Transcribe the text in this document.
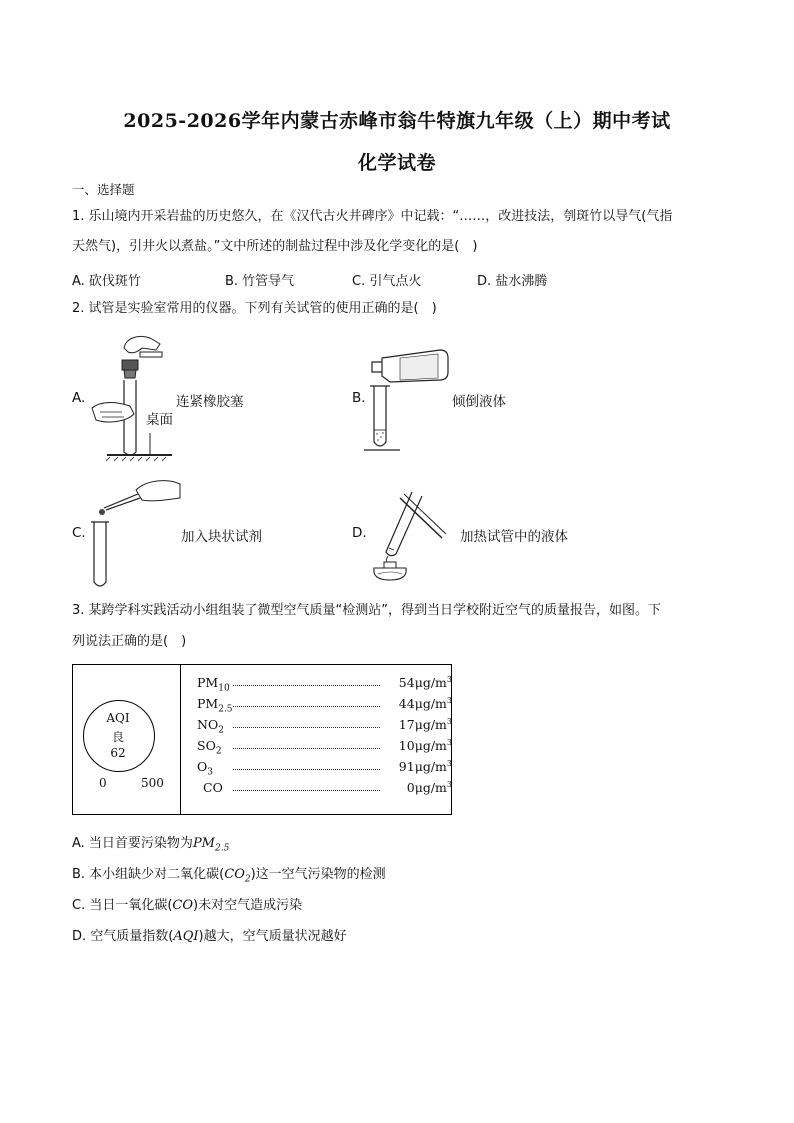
2025-2026学年内蒙古赤峰市翁牛特旗九年级（上）期中考试
化学试卷
一、选择题
1. 乐山境内开采岩盐的历史悠久，在《汉代古火井碑序》中记载：“……，改进技法，刳斑竹以导气(气指
天然气)，引井火以煮盐。”文中所述的制盐过程中涉及化学变化的是(　)
A. 砍伐斑竹	B. 竹管导气	C. 引气点火	D. 盐水沸腾
2. 试管是实验室常用的仪器。下列有关试管的使用正确的是(　)
A.
桌面
连紧橡胶塞	B.	倾倒液体
C.	加入块状试剂	D.	加热试管中的液体
3. 某跨学科实践活动小组组装了微型空气质量“检测站”，得到当日学校附近空气的质量报告，如图。下
列说法正确的是(　)
AQI
良
62
0	500
$PM_{10}$	$54\mu g/m^3$
$PM_{2.5}$	$44\mu g/m^3$
$NO_2$	$17\mu g/m^3$
$SO_2$	$10\mu g/m^3$
$O_3$	$91\mu g/m^3$
CO	$0\mu g/m^3$
A. 当日首要污染物为$PM_{2.5}$
B. 本小组缺少对二氧化碳$(CO_2)$这一空气污染物的检测
C. 当日一氧化碳(CO)未对空气造成污染
D. 空气质量指数(AQI)越大，空气质量状况越好
